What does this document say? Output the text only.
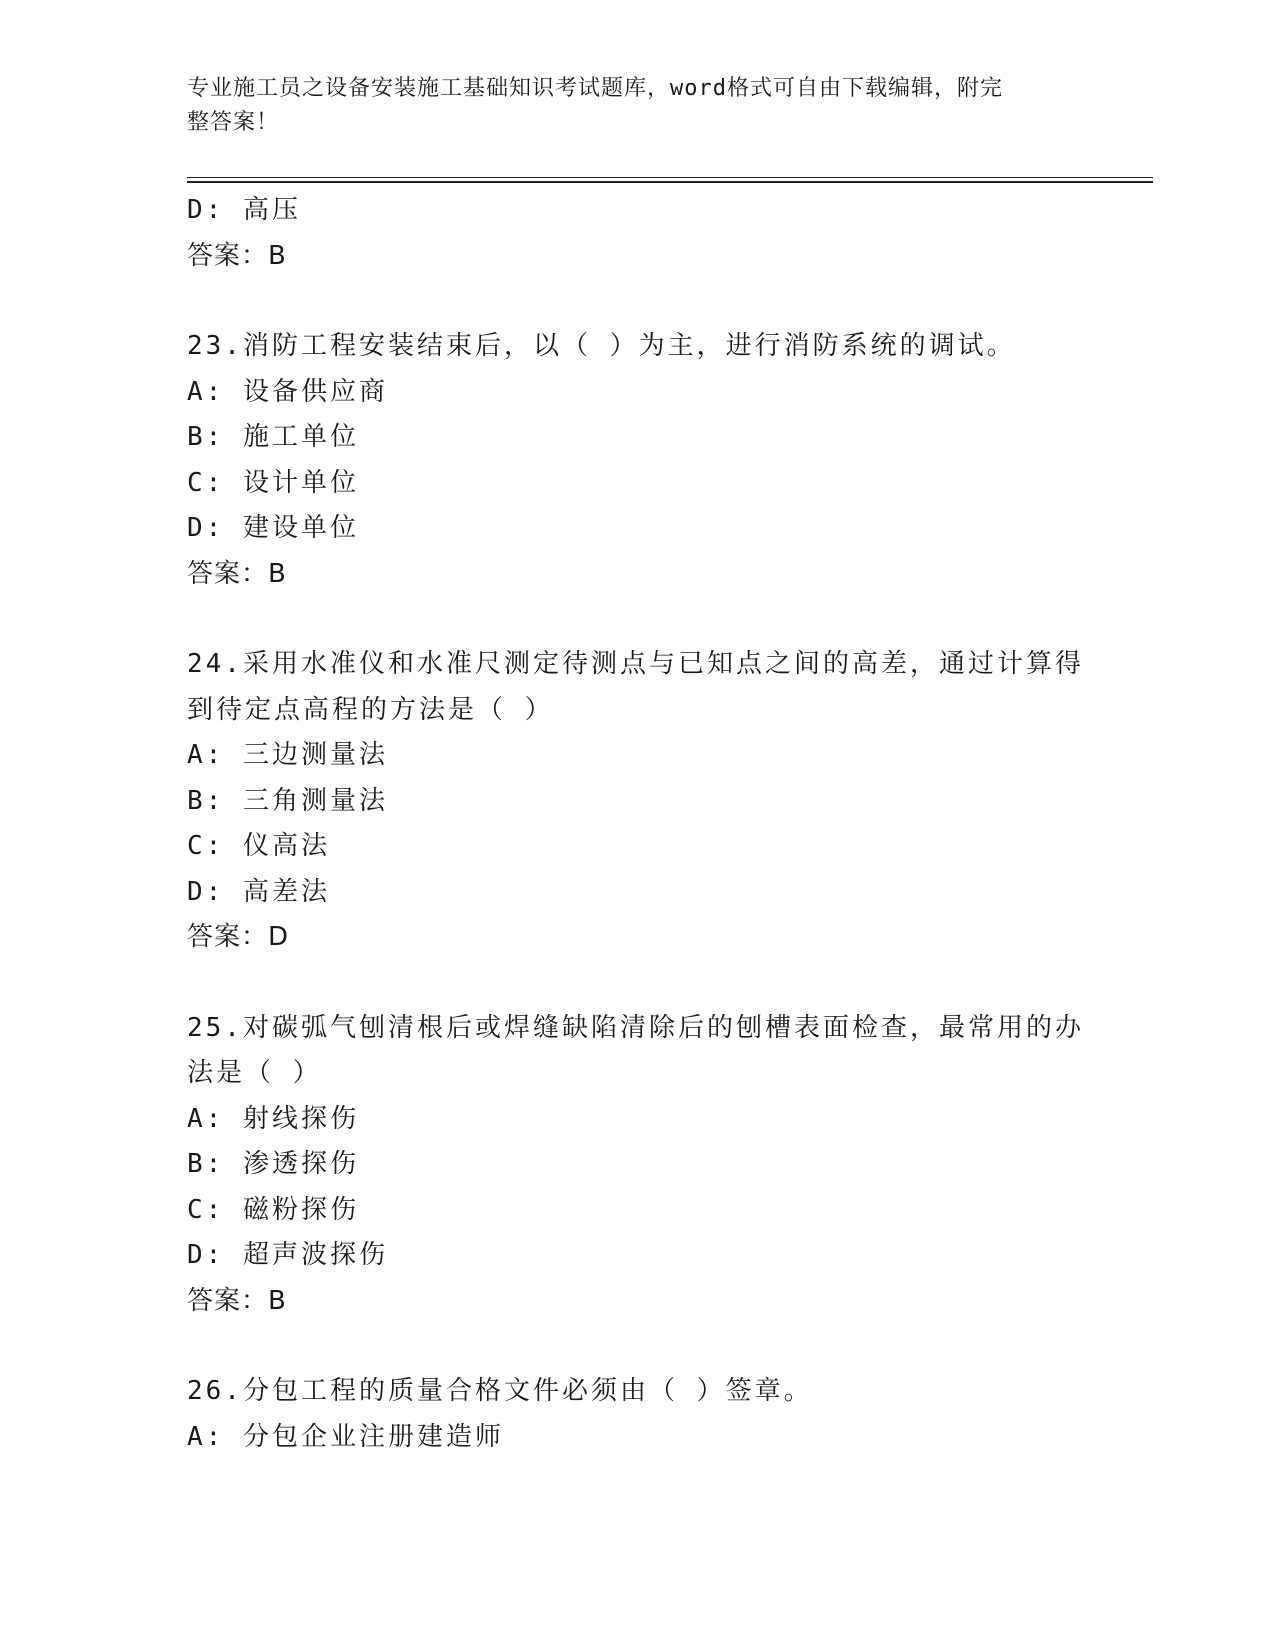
专业施工员之设备安装施工基础知识考试题库，word格式可自由下载编辑，附完
整答案！
D: 高压
答案：B
23.消防工程安装结束后，以（ ）为主，进行消防系统的调试。
A: 设备供应商
B: 施工单位
C: 设计单位
D: 建设单位
答案：B
24.采用水准仪和水准尺测定待测点与已知点之间的高差，通过计算得
到待定点高程的方法是（ ）
A: 三边测量法
B: 三角测量法
C: 仪高法
D: 高差法
答案：D
25.对碳弧气刨清根后或焊缝缺陷清除后的刨槽表面检查，最常用的办
法是（ ）
A: 射线探伤
B: 渗透探伤
C: 磁粉探伤
D: 超声波探伤
答案：B
26.分包工程的质量合格文件必须由（ ）签章。
A: 分包企业注册建造师
